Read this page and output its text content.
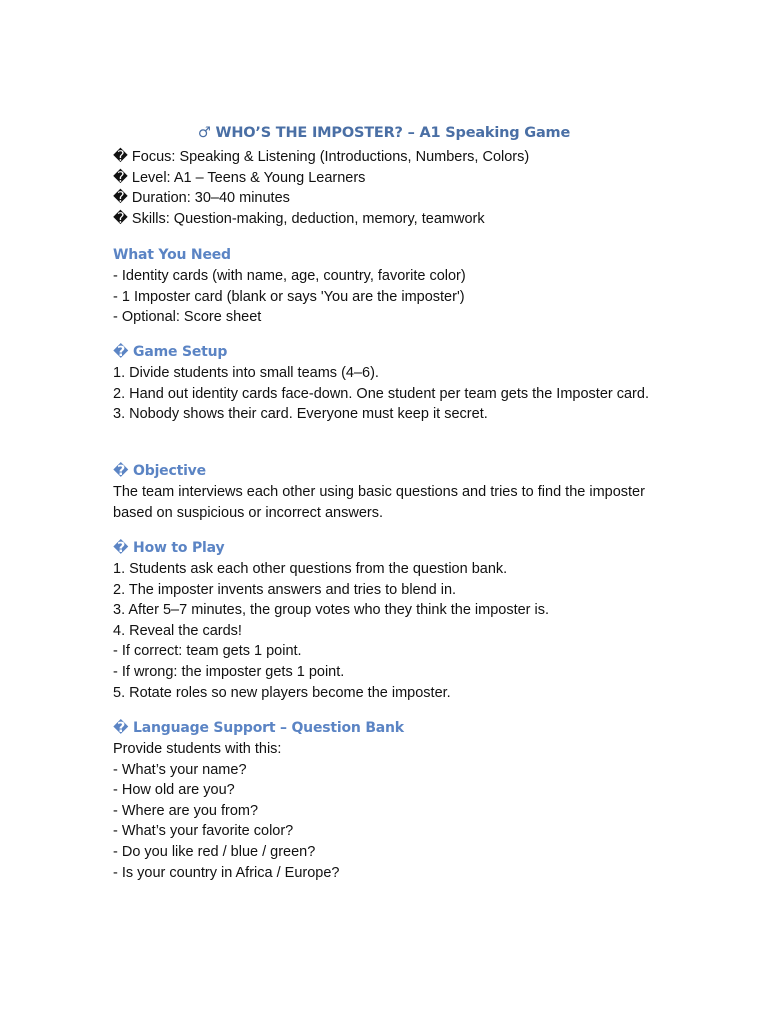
♂ WHO’S THE IMPOSTER? – A1 Speaking Game
� Focus: Speaking & Listening (Introductions, Numbers, Colors)
� Level: A1 – Teens & Young Learners
� Duration: 30–40 minutes
� Skills: Question-making, deduction, memory, teamwork
What You Need
- Identity cards (with name, age, country, favorite color)
- 1 Imposter card (blank or says 'You are the imposter')
- Optional: Score sheet
� Game Setup
1. Divide students into small teams (4–6).
2. Hand out identity cards face-down. One student per team gets the Imposter card.
3. Nobody shows their card. Everyone must keep it secret.
� Objective
The team interviews each other using basic questions and tries to find the imposter based on suspicious or incorrect answers.
� How to Play
1. Students ask each other questions from the question bank.
2. The imposter invents answers and tries to blend in.
3. After 5–7 minutes, the group votes who they think the imposter is.
4. Reveal the cards!
- If correct: team gets 1 point.
- If wrong: the imposter gets 1 point.
5. Rotate roles so new players become the imposter.
� Language Support – Question Bank
Provide students with this:
- What’s your name?
- How old are you?
- Where are you from?
- What’s your favorite color?
- Do you like red / blue / green?
- Is your country in Africa / Europe?
